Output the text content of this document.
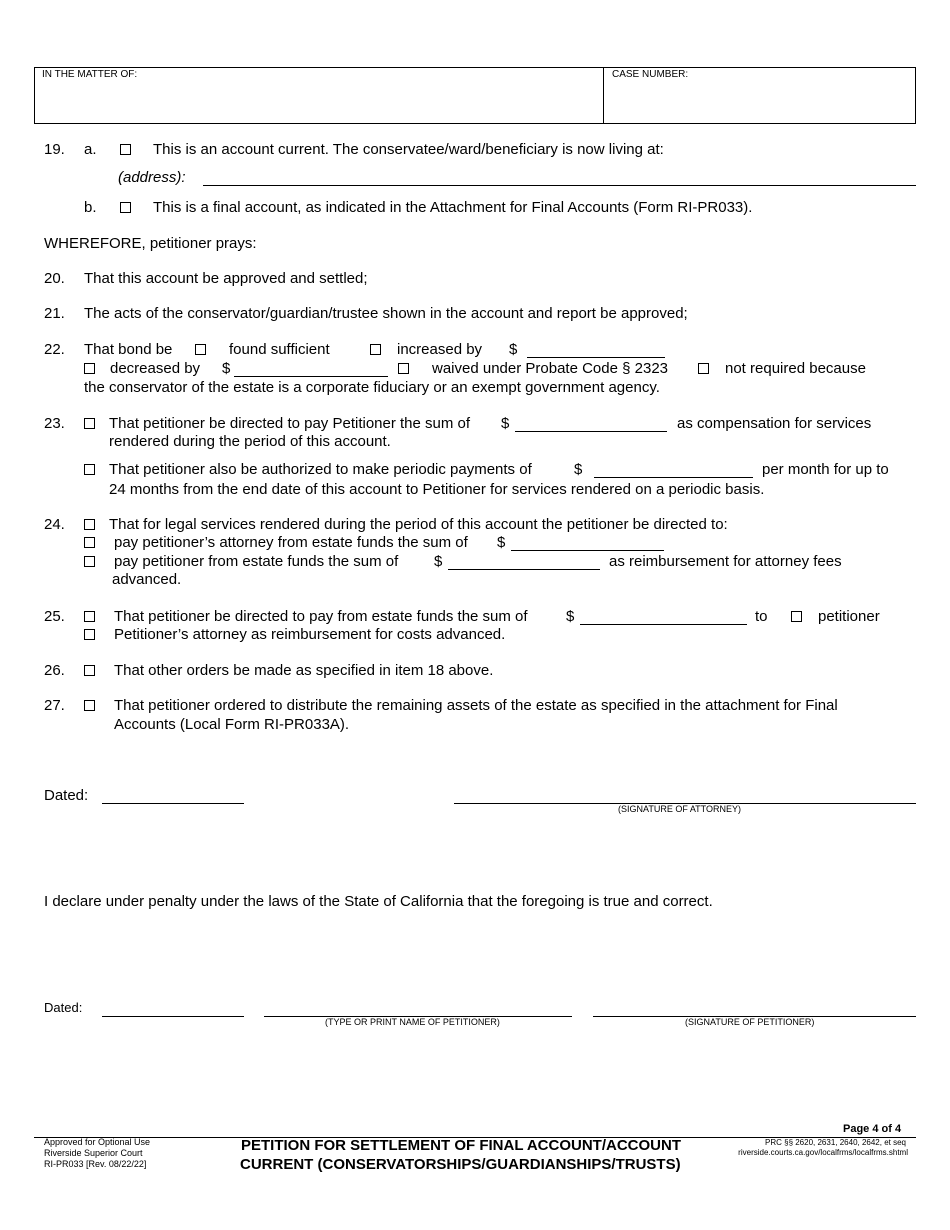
IN THE MATTER OF:	CASE NUMBER:
19. a.	This is an account current. The conservatee/ward/beneficiary is now living at:
(address):
b.	This is a final account, as indicated in the Attachment for Final Accounts (Form RI-PR033).
WHEREFORE, petitioner prays:
20. That this account be approved and settled;
21. The acts of the conservator/guardian/trustee shown in the account and report be approved;
22. That bond be	found sufficient	increased by $
decreased by $	waived under Probate Code § 2323	not required because
the conservator of the estate is a corporate fiduciary or an exempt government agency.
23.	That petitioner be directed to pay Petitioner the sum of $	as compensation for services
rendered during the period of this account.
That petitioner also be authorized to make periodic payments of	$	per month for up to
24 months from the end date of this account to Petitioner for services rendered on a periodic basis.
24.	That for legal services rendered during the period of this account the petitioner be directed to:
pay petitioner’s attorney from estate funds the sum of $
pay petitioner from estate funds the sum of $	as reimbursement for attorney fees
advanced.
25.	That petitioner be directed to pay from estate funds the sum of	$	to	petitioner
Petitioner’s attorney as reimbursement for costs advanced.
26.	That other orders be made as specified in item 18 above.
27.	That petitioner ordered to distribute the remaining assets of the estate as specified in the attachment for Final
Accounts (Local Form RI-PR033A).
Dated:
(SIGNATURE OF ATTORNEY)
I declare under penalty under the laws of the State of California that the foregoing is true and correct.
Dated:
(TYPE OR PRINT NAME OF PETITIONER)	(SIGNATURE OF PETITIONER)
Page 4 of 4
Approved for Optional Use
Riverside Superior Court
RI-PR033 [Rev. 08/22/22]
PETITION FOR SETTLEMENT OF FINAL ACCOUNT/ACCOUNT
CURRENT (CONSERVATORSHIPS/GUARDIANSHIPS/TRUSTS)
PRC §§ 2620, 2631, 2640, 2642, et seq
riverside.courts.ca.gov/localfrms/localfrms.shtml
